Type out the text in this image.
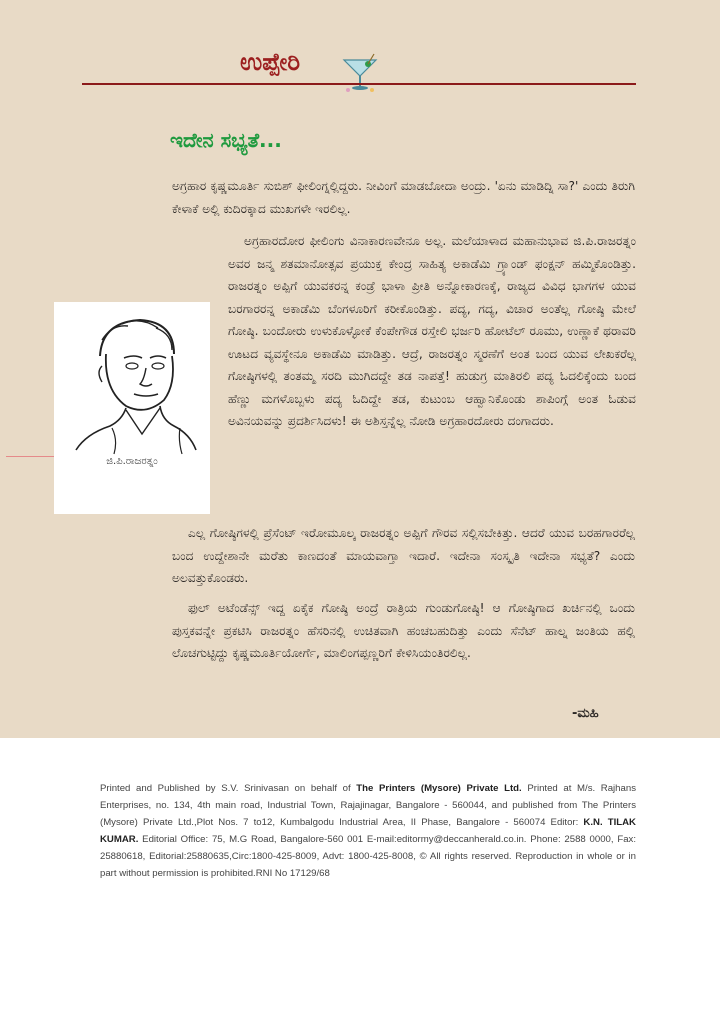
ಉಪ್ಪೇರಿ
ಇದೇನ ಸಭ್ಯತೆ...

ಅಗ್ರಹಾರ ಕೃಷ್ಣಮೂರ್ತಿ ಸುಬಿಶ್ ಫೀಲಿಂಗ್ನಲ್ಲಿದ್ದರು. ನೀವಿಂಗೆ ಮಾಡಬೋದಾ ಅಂದ್ರು. 'ಏನು ಮಾಡಿದ್ನಿ ಸಾ?' ಎಂದು ತಿರುಗಿ ಕೇಳಾಕೆ ಅಲ್ಲಿ ಕುದಿರಕ್ಕಾದ ಮುಖಗಳೇ ಇರಲಿಲ್ಲ.

ಅಗ್ರಹಾರದೋರ ಫೀಲಿಂಗು ವಿನಾಕಾರಣವೇನೂ ಅಲ್ಲ. ಮಲೆಯಾಳಾದ ಮಹಾನುಭಾವ ಜಿ.ಪಿ.ರಾಜರತ್ನಂ ಅವರ ಜನ್ಮ ಶತಮಾನೋತ್ಸವ ಪ್ರಯುಕ್ತ ಕೇಂದ್ರ ಸಾಹಿತ್ಯ ಅಕಾಡೆಮಿ ಗ್ರ್ಯಾಂಡ್ ಫಂಕ್ಷನ್ ಹಮ್ಮಿಕೊಂಡಿತ್ತು. ರಾಜರತ್ನಂ ಅಪ್ಪಿಗೆ ಯುವಕರನ್ನ ಕಂಡ್ರೆ ಭಾಳಾ ಪ್ರೀತಿ ಅನ್ನೋಕಾರಣಕ್ಕೆ, ರಾಜ್ಯದ ವಿವಿಧ ಭಾಗಗಳ ಯುವ ಬರಗಾರರನ್ನ ಅಕಾಡೆಮಿ ಬೆಂಗಳೂರಿಗೆ ಕರೀಕೊಂಡಿತ್ತು. ಪದ್ಯ, ಗದ್ಯ, ವಿಚಾರ ಅಂತೆಲ್ಲ ಗೋಷ್ಠಿ ಮೇಲೆ ಗೋಷ್ಠಿ. ಬಂದೋರು ಉಳುಕೊಳ್ಳೋಕೆ ಕೆಂಪೇಗೌಡ ರಸ್ತೇಲಿ ಭರ್ಜರಿ ಹೋಟೆಲ್ ರೂಮು, ಉಣ್ಣಾಕೆ ಥರಾವರಿ ಊಟದ ವ್ಯವಸ್ಥೇನೂ ಅಕಾಡೆಮಿ ಮಾಡಿತ್ತು. ಆದ್ರೆ, ರಾಜರತ್ನಂ ಸ್ಮರಣೆಗೆ ಅಂತ ಬಂದ ಯುವ ಲೇಖಕರೆಲ್ಲ ಗೋಷ್ಠಿಗಳಲ್ಲಿ ತಂತಮ್ಮ ಸರದಿ ಮುಗಿದದ್ದೇ ತಡ ನಾಪತ್ತೆ! ಹುಡುಗ್ರ ಮಾತಿರಲಿ ಪದ್ಯ ಓದಲಿಕ್ಕೆಂದು ಬಂದ ಹೆಣ್ಣು ಮಗಳೊಬ್ಬಳು ಪದ್ಯ ಓದಿದ್ದೇ ತಡ, ಕುಟುಂಬ ಆಹ್ವಾನಿಕೊಂಡು ಶಾಪಿಂಗ್ಗೆ ಅಂತ ಓಡುವ ಅವಿನಯವನ್ನು ಪ್ರದರ್ಶಿಸಿದಳು! ಈ ಅಶಿಸ್ತನ್ನೆಲ್ಲ ನೋಡಿ ಅಗ್ರಹಾರದೋರು ದಂಗಾದರು.

ಜಿ.ಪಿ.ರಾಜರತ್ನಂ

ಎಲ್ಲ ಗೋಷ್ಠಿಗಳಲ್ಲಿ ಪ್ರೆಸೆಂಟ್ ಇರೋಮೂಲ್ಕ ರಾಜರತ್ನಂ ಅಪ್ಪಿಗೆ ಗೌರವ ಸಲ್ಲಿಸಬೇಕಿತ್ತು. ಆದರೆ ಯುವ ಬರಹಗಾರರೆಲ್ಲ ಬಂದ ಉದ್ದೇಶಾನೇ ಮರೆತು ಕಾಣದಂತೆ ಮಾಯವಾಗ್ತಾ ಇದಾರೆ. ಇದೇನಾ ಸಂಸ್ಕೃತಿ ಇದೇನಾ ಸಭ್ಯತೆ? ಎಂದು ಅಲವತ್ತುಕೊಂಡರು.

ಫುಲ್ ಅಟೆಂಡೆನ್ಸ್ ಇದ್ದ ಏಕೈಕ ಗೋಷ್ಠಿ ಅಂದ್ರೆ ರಾತ್ರಿಯ ಗುಂಡುಗೋಷ್ಠಿ! ಆ ಗೋಷ್ಠಿಗಾದ ಖರ್ಚಿನಲ್ಲಿ ಒಂದು ಪುಸ್ತಕವನ್ನೇ ಪ್ರಕಟಿಸಿ ರಾಜರತ್ನಂ ಹೆಸರಿನಲ್ಲಿ ಉಚಿತವಾಗಿ ಹಂಚಬಹುದಿತ್ತು ಎಂದು ಸೆನೆಟ್ ಹಾಲ್ನ ಜಂತಿಯ ಹಲ್ಲಿ ಲೊಚಗುಟ್ಟಿದ್ದು ಕೃಷ್ಣಮೂರ್ತಿಯೋರ್ಗೆ, ಮಾಲಿಂಗಪ್ಪಣ್ಣರಿಗೆ ಕೇಳಿಸಿಯಂತಿರಲಿಲ್ಲ.

-ಮಹಿ
Printed and Published by S.V. Srinivasan on behalf of The Printers (Mysore) Private Ltd. Printed at M/s. Rajhans Enterprises, no. 134, 4th main road, Industrial Town, Rajajinagar, Bangalore - 560044, and published from The Printers (Mysore) Private Ltd.,Plot Nos. 7 to12, Kumbalgodu Industrial Area, II Phase, Bangalore - 560074 Editor: K.N. TILAK KUMAR. Editorial Office: 75, M.G Road, Bangalore-560 001 E-mail:editormy@deccanherald.co.in. Phone: 2588 0000, Fax: 25880618, Editorial:25880635,Circ:1800-425-8009, Advt: 1800-425-8008, © All rights reserved. Reproduction in whole or in part without permission is prohibited.RNI No 17129/68
